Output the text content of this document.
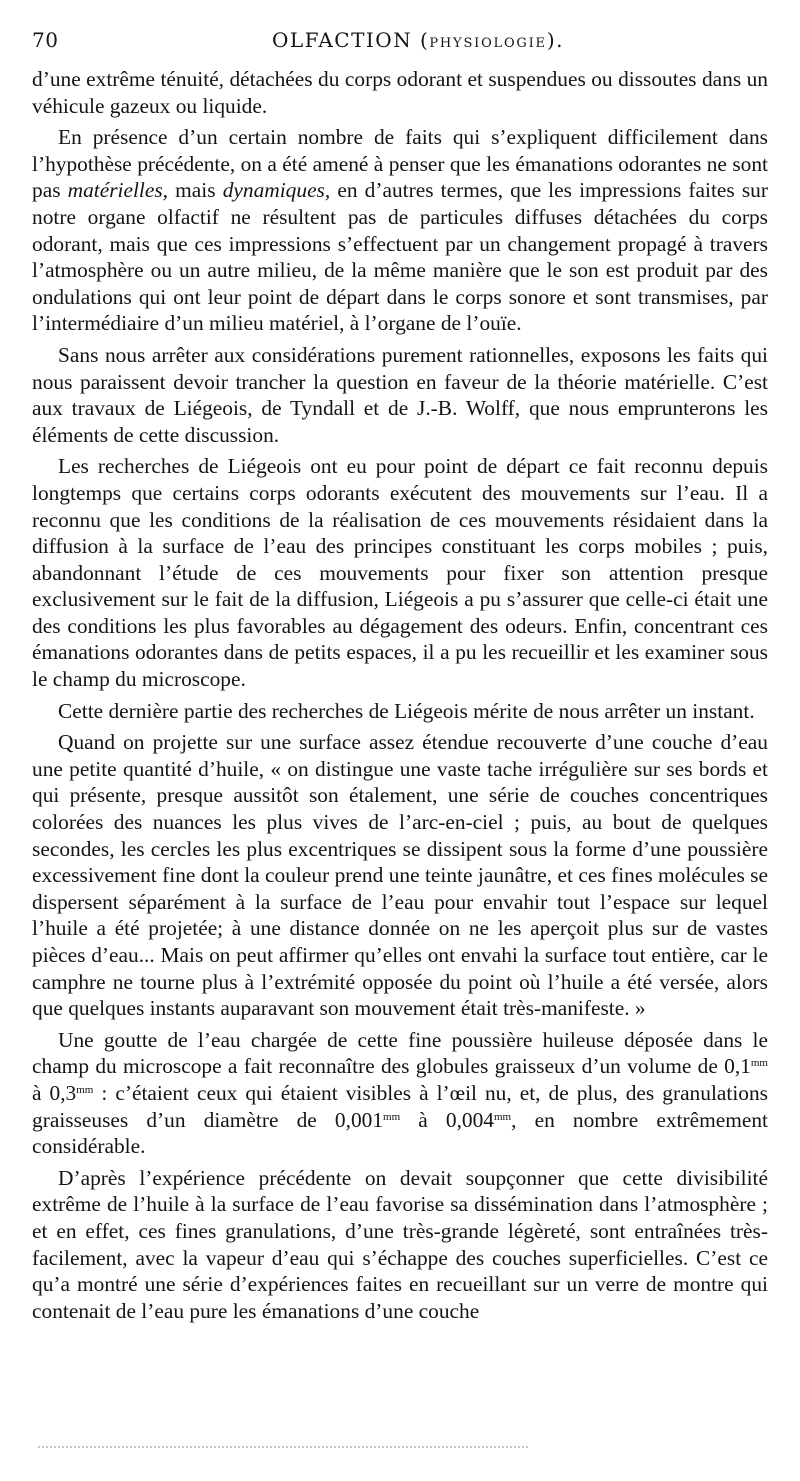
70	OLFACTION (PHYSIOLOGIE).

d’une extrême ténuité, détachées du corps odorant et suspendues ou dissoutes dans un véhicule gazeux ou liquide.

En présence d’un certain nombre de faits qui s’expliquent difficilement dans l’hypothèse précédente, on a été amené à penser que les émanations odorantes ne sont pas matérielles, mais dynamiques, en d’autres termes, que les impressions faites sur notre organe olfactif ne résultent pas de particules diffuses détachées du corps odorant, mais que ces impressions s’effectuent par un changement propagé à travers l’atmosphère ou un autre milieu, de la même manière que le son est produit par des ondulations qui ont leur point de départ dans le corps sonore et sont transmises, par l’intermédiaire d’un milieu matériel, à l’organe de l’ouïe.

Sans nous arrêter aux considérations purement rationnelles, exposons les faits qui nous paraissent devoir trancher la question en faveur de la théorie matérielle. C’est aux travaux de Liégeois, de Tyndall et de J.-B. Wolff, que nous emprunterons les éléments de cette discussion.

Les recherches de Liégeois ont eu pour point de départ ce fait reconnu depuis longtemps que certains corps odorants exécutent des mouvements sur l’eau. Il a reconnu que les conditions de la réalisation de ces mouvements résidaient dans la diffusion à la surface de l’eau des principes constituant les corps mobiles ; puis, abandonnant l’étude de ces mouvements pour fixer son attention presque exclusivement sur le fait de la diffusion, Liégeois a pu s’assurer que celle-ci était une des conditions les plus favorables au dégagement des odeurs. Enfin, concentrant ces émanations odorantes dans de petits espaces, il a pu les recueillir et les examiner sous le champ du microscope.

Cette dernière partie des recherches de Liégeois mérite de nous arrêter un instant.

Quand on projette sur une surface assez étendue recouverte d’une couche d’eau une petite quantité d’huile, « on distingue une vaste tache irrégulière sur ses bords et qui présente, presque aussitôt son étalement, une série de couches concentriques colorées des nuances les plus vives de l’arc-en-ciel ; puis, au bout de quelques secondes, les cercles les plus excentriques se dissipent sous la forme d’une poussière excessivement fine dont la couleur prend une teinte jaunâtre, et ces fines molécules se dispersent séparément à la surface de l’eau pour envahir tout l’espace sur lequel l’huile a été projetée; à une distance donnée on ne les aperçoit plus sur de vastes pièces d’eau... Mais on peut affirmer qu’elles ont envahi la surface tout entière, car le camphre ne tourne plus à l’extrémité opposée du point où l’huile a été versée, alors que quelques instants auparavant son mouvement était très-manifeste. »

Une goutte de l’eau chargée de cette fine poussière huileuse déposée dans le champ du microscope a fait reconnaître des globules graisseux d’un volume de $0,1^{mm}$ à $0,3^{mm}$ : c’étaient ceux qui étaient visibles à l’œil nu, et, de plus, des granulations graisseuses d’un diamètre de $0,001^{mm}$ à $0,004^{mm}$, en nombre extrêmement considérable.

D’après l’expérience précédente on devait soupçonner que cette divisibilité extrême de l’huile à la surface de l’eau favorise sa dissémination dans l’atmosphère ; et en effet, ces fines granulations, d’une très-grande légèreté, sont entraînées très-facilement, avec la vapeur d’eau qui s’échappe des couches superficielles. C’est ce qu’a montré une série d’expériences faites en recueillant sur un verre de montre qui contenait de l’eau pure les émanations d’une couche
